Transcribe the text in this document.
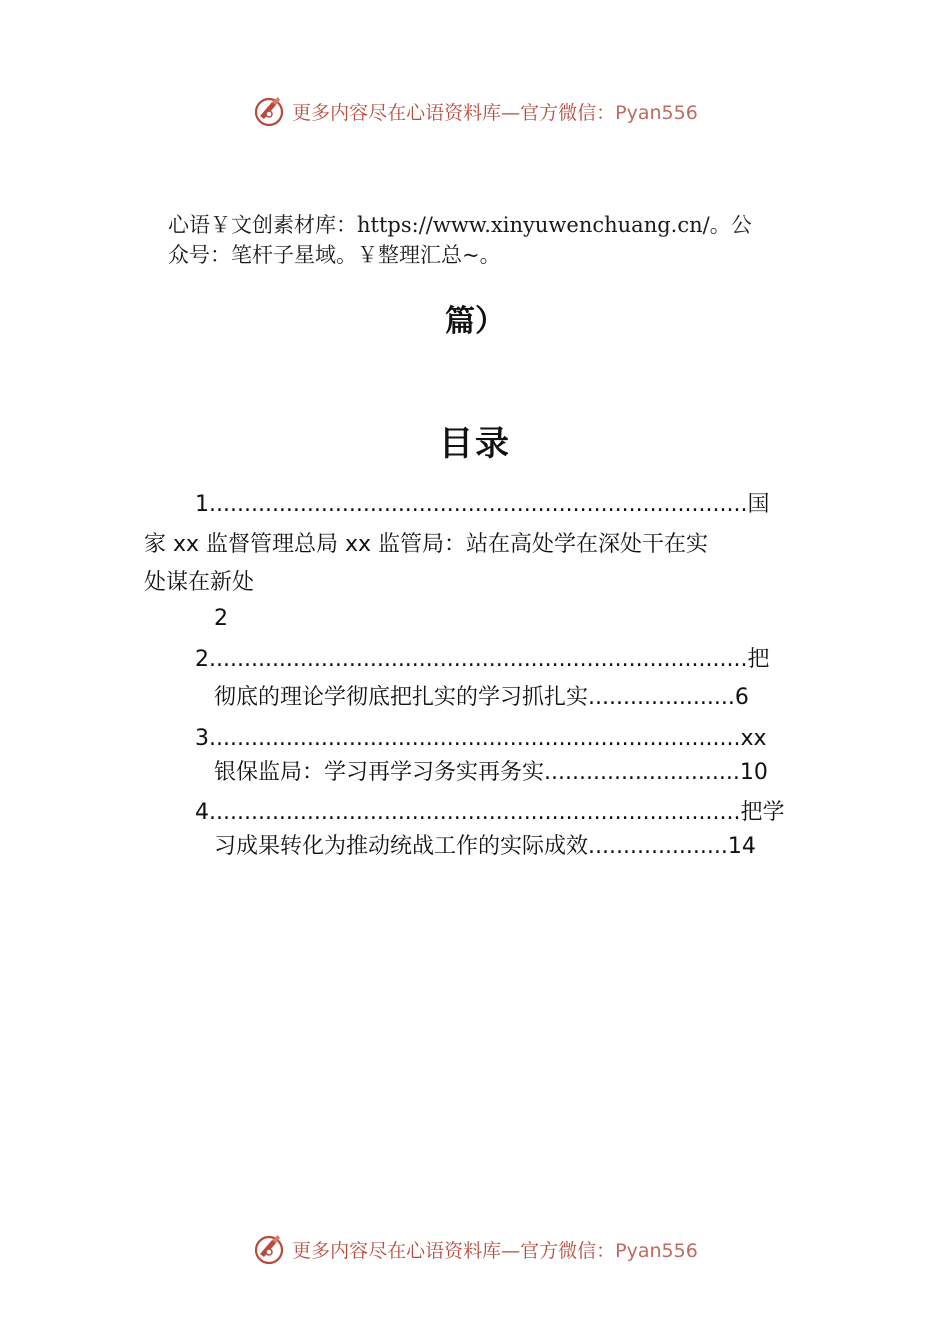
更多内容尽在心语资料库—官方微信：Pyan556

心语￥文创素材库：https://www.xinyuwenchuang.cn/。公
众号：笔杆子星域。￥整理汇总~。

篇）
目录
1.............................................................................国
家 xx 监督管理总局 xx 监管局：站在高处学在深处干在实
处谋在新处
2
2.............................................................................把
彻底的理论学彻底把扎实的学习抓扎实.....................6
3............................................................................xx
银保监局：学习再学习务实再务实............................10
4............................................................................把学
习成果转化为推动统战工作的实际成效....................14
更多内容尽在心语资料库—官方微信：Pyan556
